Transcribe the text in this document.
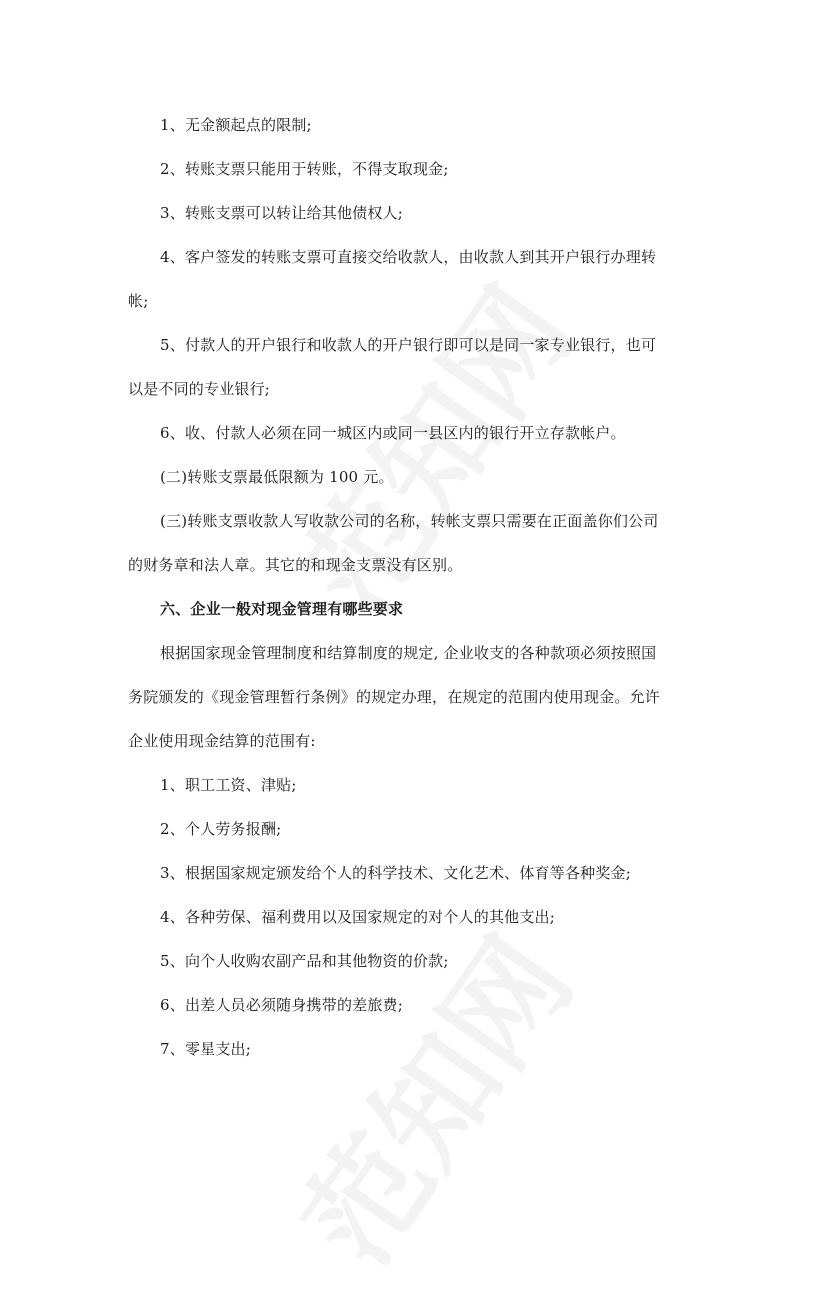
1、无金额起点的限制;
2、转账支票只能用于转账，不得支取现金;
3、转账支票可以转让给其他债权人;
4、客户签发的转账支票可直接交给收款人，由收款人到其开户银行办理转
帐;
5、付款人的开户银行和收款人的开户银行即可以是同一家专业银行，也可
以是不同的专业银行;
6、收、付款人必须在同一城区内或同一县区内的银行开立存款帐户。
(二)转账支票最低限额为 100 元。
(三)转账支票收款人写收款公司的名称，转帐支票只需要在正面盖你们公司
的财务章和法人章。其它的和现金支票没有区别。
六、企业一般对现金管理有哪些要求
根据国家现金管理制度和结算制度的规定, 企业收支的各种款项必须按照国
务院颁发的《现金管理暂行条例》的规定办理，在规定的范围内使用现金。允许
企业使用现金结算的范围有:
1、职工工资、津贴;
2、个人劳务报酬;
3、根据国家规定颁发给个人的科学技术、文化艺术、体育等各种奖金;
4、各种劳保、福利费用以及国家规定的对个人的其他支出;
5、向个人收购农副产品和其他物资的价款;
6、出差人员必须随身携带的差旅费;
7、零星支出;
